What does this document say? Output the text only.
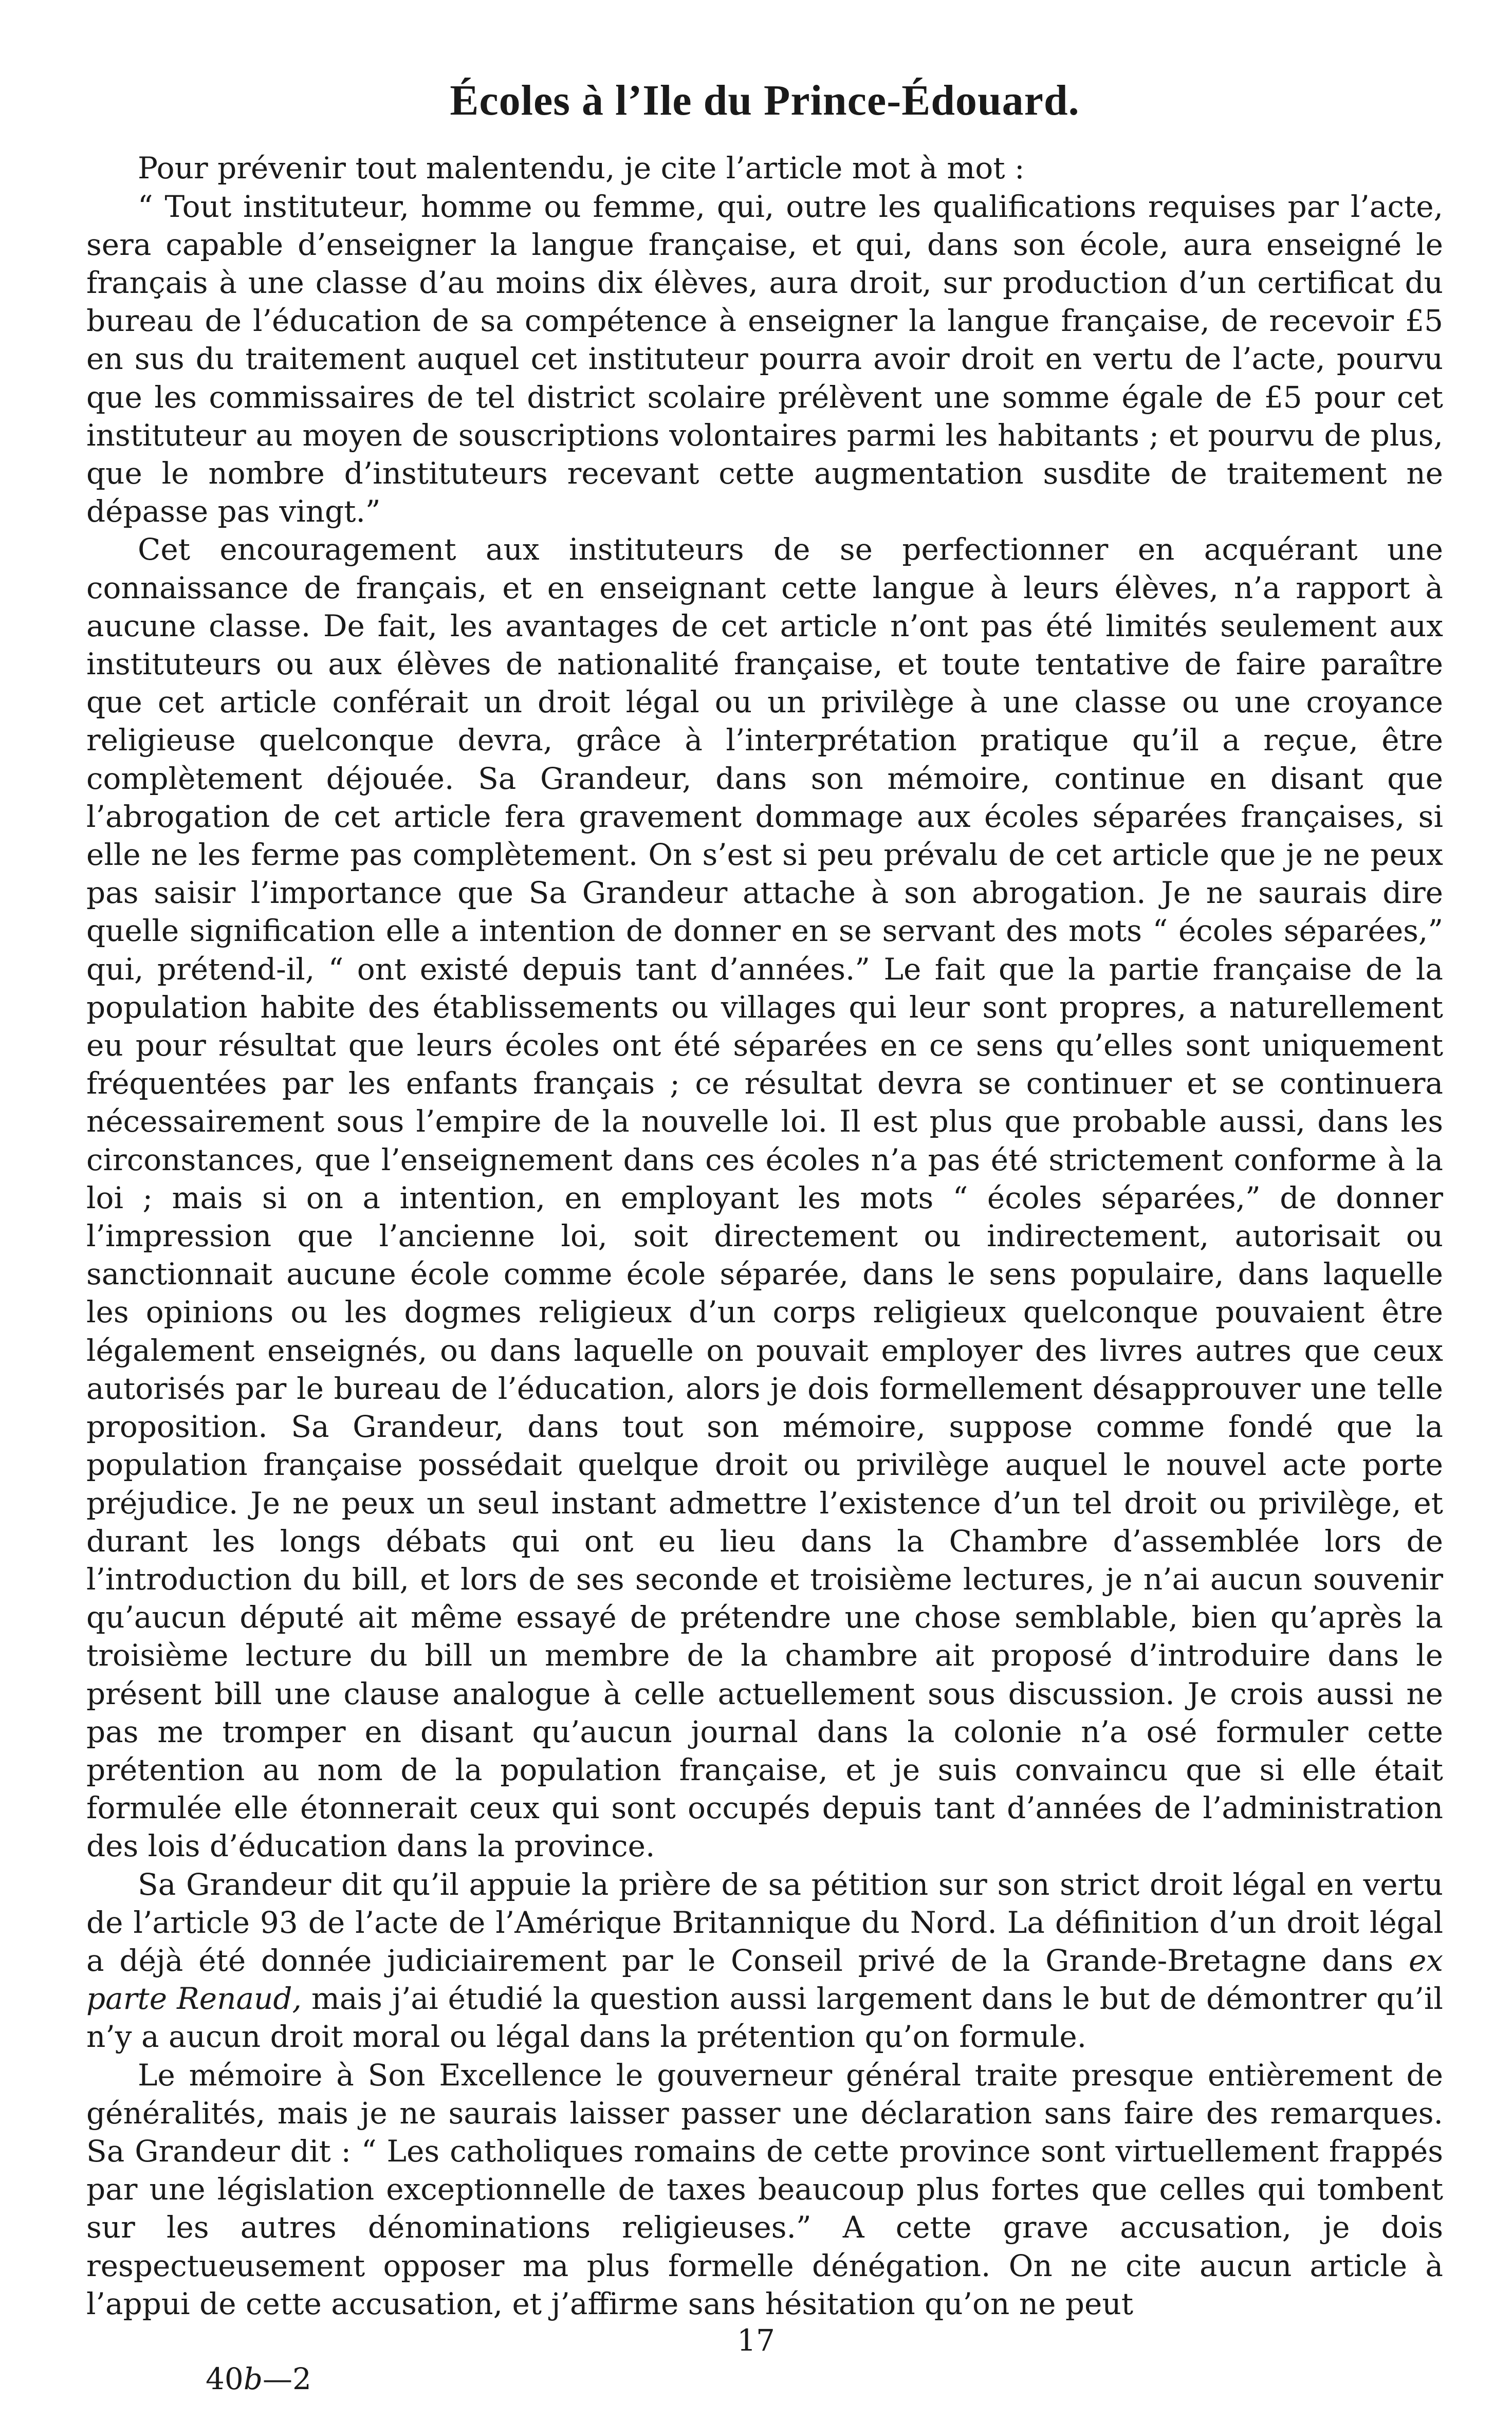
Écoles à l’Ile du Prince-Édouard.

Pour prévenir tout malentendu, je cite l’article mot à mot :

“ Tout instituteur, homme ou femme, qui, outre les qualifications requises par l’acte, sera capable d’enseigner la langue française, et qui, dans son école, aura enseigné le français à une classe d’au moins dix élèves, aura droit, sur production d’un certificat du bureau de l’éducation de sa compétence à enseigner la langue française, de recevoir £5 en sus du traitement auquel cet instituteur pourra avoir droit en vertu de l’acte, pourvu que les commissaires de tel district scolaire prélèvent une somme égale de £5 pour cet instituteur au moyen de souscriptions volontaires parmi les habitants ; et pourvu de plus, que le nombre d’instituteurs recevant cette augmentation susdite de traitement ne dépasse pas vingt.”

Cet encouragement aux instituteurs de se perfectionner en acquérant une connaissance de français, et en enseignant cette langue à leurs élèves, n’a rapport à aucune classe. De fait, les avantages de cet article n’ont pas été limités seulement aux instituteurs ou aux élèves de nationalité française, et toute tentative de faire paraître que cet article conférait un droit légal ou un privilège à une classe ou une croyance religieuse quelconque devra, grâce à l’interprétation pratique qu’il a reçue, être complètement déjouée. Sa Grandeur, dans son mémoire, continue en disant que l’abrogation de cet article fera gravement dommage aux écoles séparées françaises, si elle ne les ferme pas complètement. On s’est si peu prévalu de cet article que je ne peux pas saisir l’importance que Sa Grandeur attache à son abrogation. Je ne saurais dire quelle signification elle a intention de donner en se servant des mots “ écoles séparées,” qui, prétend-il, “ ont existé depuis tant d’années.” Le fait que la partie française de la population habite des établissements ou villages qui leur sont propres, a naturellement eu pour résultat que leurs écoles ont été séparées en ce sens qu’elles sont uniquement fréquentées par les enfants français ; ce résultat devra se continuer et se continuera nécessairement sous l’empire de la nouvelle loi. Il est plus que probable aussi, dans les circonstances, que l’enseignement dans ces écoles n’a pas été strictement conforme à la loi ; mais si on a intention, en employant les mots “ écoles séparées,” de donner l’impression que l’ancienne loi, soit directement ou indirectement, autorisait ou sanctionnait aucune école comme école séparée, dans le sens populaire, dans laquelle les opinions ou les dogmes religieux d’un corps religieux quelconque pouvaient être légalement enseignés, ou dans laquelle on pouvait employer des livres autres que ceux autorisés par le bureau de l’éducation, alors je dois formellement désapprouver une telle proposition. Sa Grandeur, dans tout son mémoire, suppose comme fondé que la population française possédait quelque droit ou privilège auquel le nouvel acte porte préjudice. Je ne peux un seul instant admettre l’existence d’un tel droit ou privilège, et durant les longs débats qui ont eu lieu dans la Chambre d’assemblée lors de l’introduction du bill, et lors de ses seconde et troisième lectures, je n’ai aucun souvenir qu’aucun député ait même essayé de prétendre une chose semblable, bien qu’après la troisième lecture du bill un membre de la chambre ait proposé d’introduire dans le présent bill une clause analogue à celle actuellement sous discussion. Je crois aussi ne pas me tromper en disant qu’aucun journal dans la colonie n’a osé formuler cette prétention au nom de la population française, et je suis convaincu que si elle était formulée elle étonnerait ceux qui sont occupés depuis tant d’années de l’administration des lois d’éducation dans la province.

Sa Grandeur dit qu’il appuie la prière de sa pétition sur son strict droit légal en vertu de l’article 93 de l’acte de l’Amérique Britannique du Nord. La définition d’un droit légal a déjà été donnée judiciairement par le Conseil privé de la Grande-Bretagne dans ex parte Renaud, mais j’ai étudié la question aussi largement dans le but de démontrer qu’il n’y a aucun droit moral ou légal dans la prétention qu’on formule.

Le mémoire à Son Excellence le gouverneur général traite presque entièrement de généralités, mais je ne saurais laisser passer une déclaration sans faire des remarques. Sa Grandeur dit : “ Les catholiques romains de cette province sont virtuellement frappés par une législation exceptionnelle de taxes beaucoup plus fortes que celles qui tombent sur les autres dénominations religieuses.” A cette grave accusation, je dois respectueusement opposer ma plus formelle dénégation. On ne cite aucun article à l’appui de cette accusation, et j’affirme sans hésitation qu’on ne peut

17
40b—2
